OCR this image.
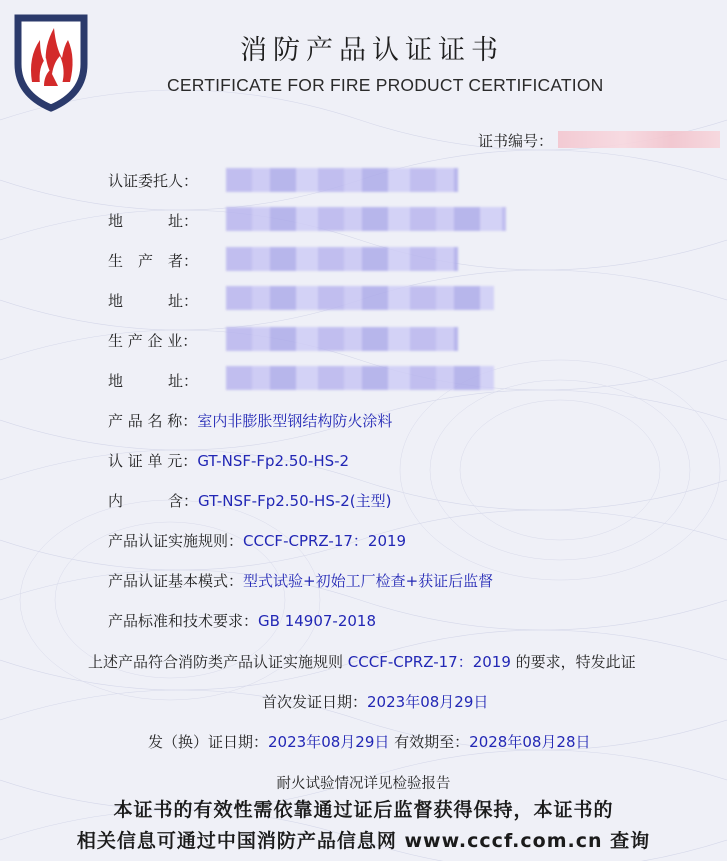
消防产品认证证书
CERTIFICATE FOR FIRE PRODUCT CERTIFICATION
证书编号：
认证委托人：
地　　　址：
生　产　者：
地　　　址：
生 产 企 业：
地　　　址：
产 品 名 称：室内非膨胀型钢结构防火涂料
认 证 单 元：GT-NSF-Fp2.50-HS-2
内　　　含：GT-NSF-Fp2.50-HS-2(主型)
产品认证实施规则：CCCF-CPRZ-17：2019
产品认证基本模式：型式试验+初始工厂检查+获证后监督
产品标准和技术要求：GB 14907-2018
上述产品符合消防类产品认证实施规则 CCCF-CPRZ-17：2019 的要求，特发此证
首次发证日期：2023年08月29日
发（换）证日期：2023年08月29日 有效期至：2028年08月28日
耐火试验情况详见检验报告
本证书的有效性需依靠通过证后监督获得保持，本证书的
相关信息可通过中国消防产品信息网 www.cccf.com.cn 查询
